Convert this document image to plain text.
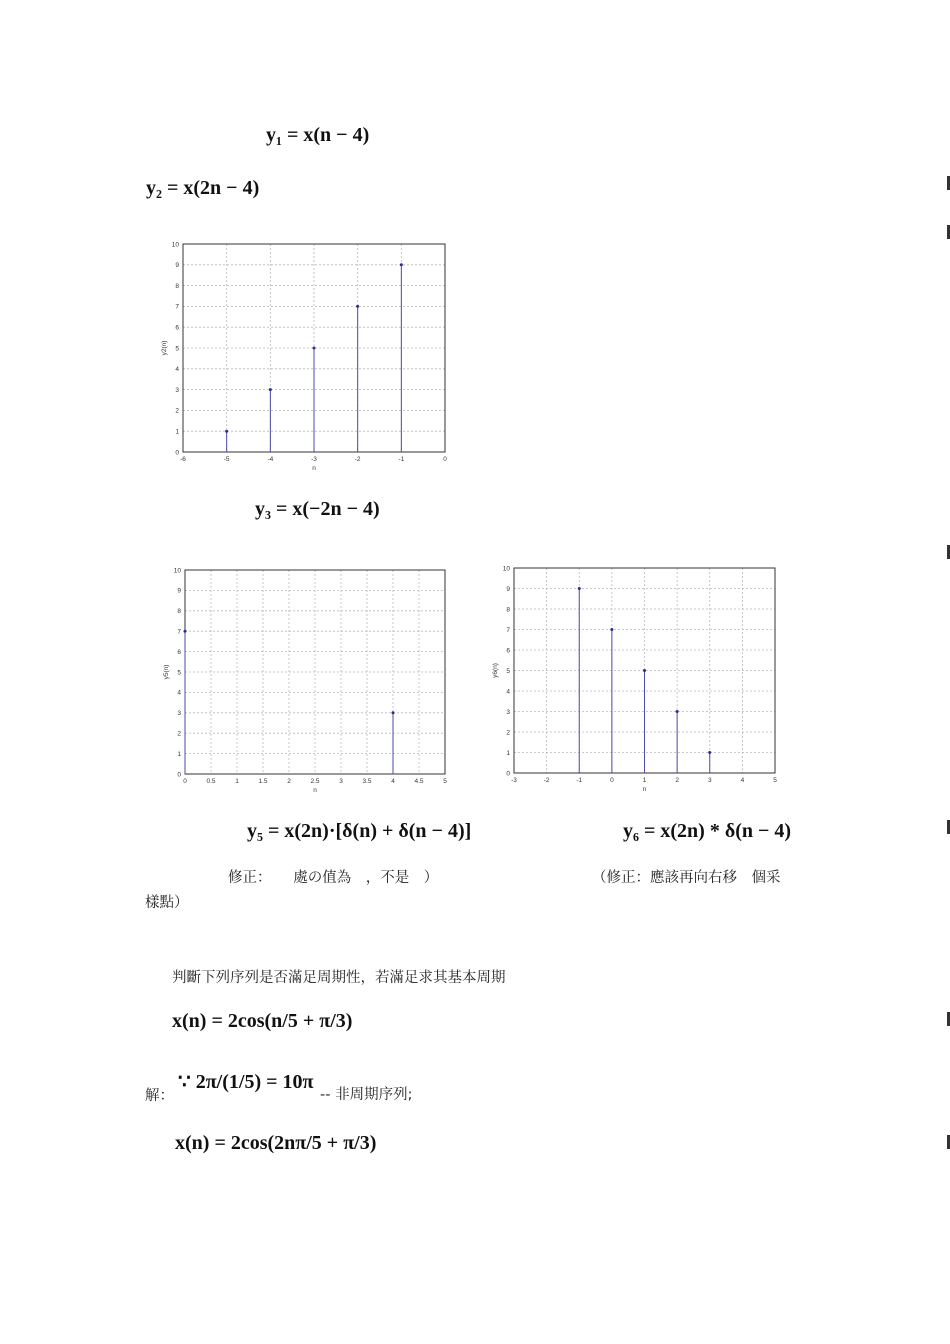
y₁ = x(n − 4)
y₂ = x(2n − 4)
-6	-5	-4	-3	-2	-1	0
0
1
2
3
4
5
6
7
8
9
10
n
y2(n)
y₃ = x(−2n − 4)
0	0.5	1	1.5	2	2.5	3	3.5	4	4.5	5
0
1
2
3
4
5
6
7
8
9
10
n
y5(n)
-3	-2	-1	0	1	2	3	4	5
0
1
2
3
4
5
6
7
8
9
10
n
y6(n)
y₅ = x(2n)·[δ(n) + δ(n − 4)]	y₆ = x(2n) * δ(n − 4)
修正：　　處の值為　，不是　）	（修正：應該再向右移　個采
樣點）
判斷下列序列是否滿足周期性，若滿足求其基本周期
x(n) = 2cos(n/5 + π/3)
解：
∵ 2π/(1/5) = 10π
-- 非周期序列;
x(n) = 2cos(2nπ/5 + π/3)
